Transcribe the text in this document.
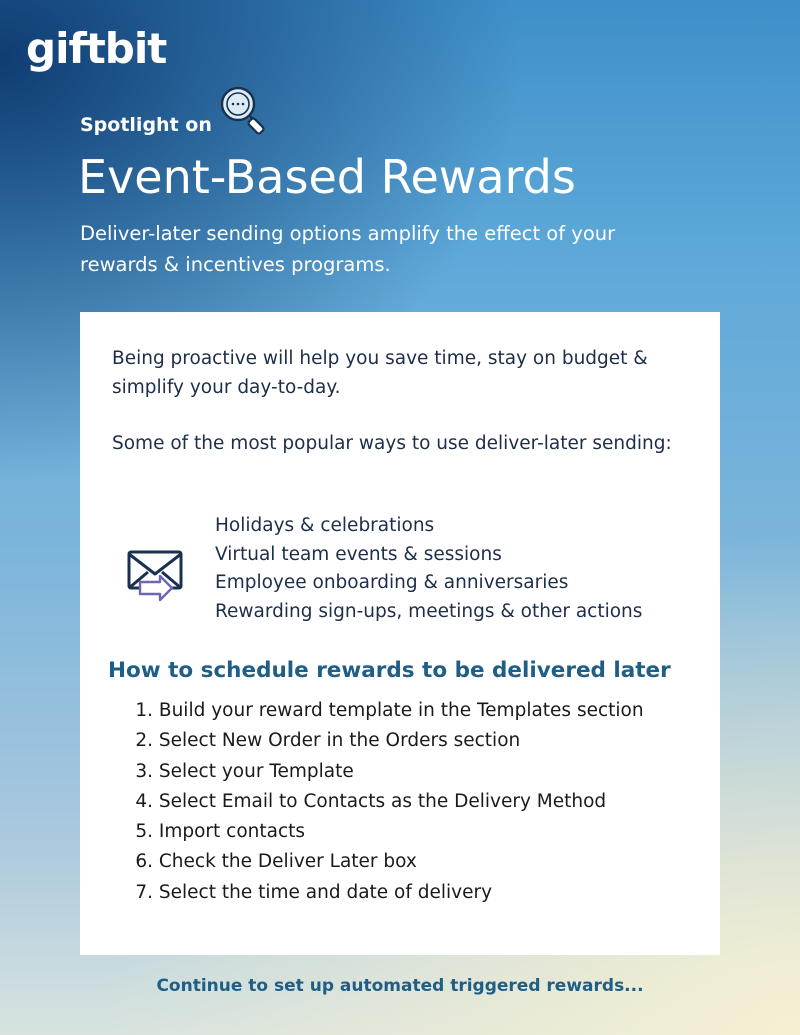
giftbit
Spotlight on
Event-Based Rewards

Deliver-later sending options amplify the effect of your rewards & incentives programs.

Being proactive will help you save time, stay on budget & simplify your day-to-day.

Some of the most popular ways to use deliver-later sending:

Holidays & celebrations
Virtual team events & sessions
Employee onboarding & anniversaries
Rewarding sign-ups, meetings & other actions
How to schedule rewards to be delivered later
1. Build your reward template in the Templates section
2. Select New Order in the Orders section
3. Select your Template
4. Select Email to Contacts as the Delivery Method
5. Import contacts
6. Check the Deliver Later box
7. Select the time and date of delivery
Continue to set up automated triggered rewards...
